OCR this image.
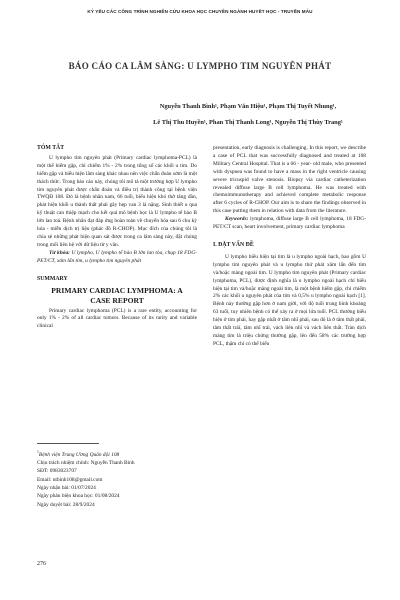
KỶ YẾU CÁC CÔNG TRÌNH NGHIÊN CỨU KHOA HỌC CHUYÊN NGÀNH HUYẾT HỌC - TRUYỀN MÁU
BÁO CÁO CA LÂM SÀNG: U LYMPHO TIM NGUYÊN PHÁT
Nguyễn Thanh Bình¹, Phạm Văn Hiệu¹, Phạm Thị Tuyết Nhung¹,
Lê Thị Thu Huyền¹, Phan Thị Thanh Long¹, Nguyễn Thị Thùy Trang¹
TÓM TẮT

U lympho tim nguyên phát (Primary cardiac lymphoma-PCL) là một thể hiếm gặp, chỉ chiếm 1% - 2% trong tổng số các khối u tim. Do hiếm gặp và biểu hiện lâm sàng khác nhau nên việc chẩn đoán sớm là một thách thức. Trong báo cáo này, chúng tôi mô tả một trường hợp U lympho tim nguyên phát được chẩn đoán và điều trị thành công tại bệnh viện TWQĐ 108. Đó là bệnh nhân nam, 66 tuổi, biểu hiện khó thở tăng dần, phát hiện khối u thành thất phải gây hẹp van 3 lá nặng. Sinh thiết u qua kỹ thuật can thiệp mạch cho kết quả mô bệnh học là U lympho tế bào B lớn lan toả. Bệnh nhân đạt đáp ứng hoàn toàn về chuyển hóa sau 6 chu kỳ hóa - miễn dịch trị liệu (phác đồ R-CHOP). Mục đích của chúng tôi là chia sẻ những phát hiện quan sát được trong ca lâm sàng này, đặt chúng trong mối liên hệ với dữ liệu từ y văn.

Từ khóa: U lympho, U lympho tế bào B lớn lan tỏa, chụp 18 FDG- PET/CT, xâm lấn tim, u lympho tim nguyên phát

SUMMARY
PRIMARY CARDIAC LYMPHOMA: A
CASE REPORT

Primary cardiac lymphoma (PCL) is a rare entity, accounting for only 1% - 2% of all cardiac tumors. Because of its rarity and variable clinical

$^1$Bệnh viện Trung Ương Quân đội 108
Chịu trách nhiệm chính: Nguyễn Thanh Bình
SĐT: 0983023707
Email: ntbinh108@gmail.com
Ngày nhận bài: 01/07/2024
Ngày phản biện khoa học: 01/08/2024
Ngày duyệt bài: 28/9/2024

presentation, early diagnosis is challenging. In this report, we describe a case of PCL that was successfully diagnosed and treated at 108 Military Central Hospital. That is a 66 - year- old male, who presented with dyspnea was found to have a mass in the right ventricle causing severe tricuspid valve stenosis. Biopsy via cardiac catheterization revealed diffuse large B cell lymphoma. He was treated with chemoimmunotherapy and achieved complete metabolic response after 6 cycles of R-CHOP. Our aim is to share the findings observed in this case putting them in relation with data from the literature.

Keywords: lymphoma, diffuse large B cell lymphoma, 18 FDG-PET/CT scan, heart involvement, primary cardiac lymphoma

I. ĐẶT VẤN ĐỀ

U lympho biểu hiện tại tim là u lympho ngoài hạch, bao gồm U lympho tim nguyên phát và u lympho thứ phát xâm lấn đến tim và/hoặc màng ngoài tim. U lympho tim nguyên phát (Primary cardiac lymphoma, PCL), được định nghĩa là u lympho ngoài hạch chỉ biểu hiện tại tim và/hoặc màng ngoài tim, là một bệnh hiếm gặp, chỉ chiếm 2% các khối u nguyên phát của tim và 0,5% u lympho ngoài hạch [1]. Bệnh này thường gặp hơn ở nam giới, với độ tuổi trung bình khoảng 63 tuổi, tuy nhiên bệnh có thể xảy ra ở mọi lứa tuổi. PCL thường biểu hiện ở tim phải, hay gặp nhất ở tâm nhĩ phải, sau đó là ở tâm thất phải, tâm thất trái, tâm nhĩ trái, vách liên nhĩ và vách liên thất. Tràn dịch màng tim là triệu chứng thường gặp, lên đến 58% các trường hợp PCL, thậm chí có thể biểu

276
